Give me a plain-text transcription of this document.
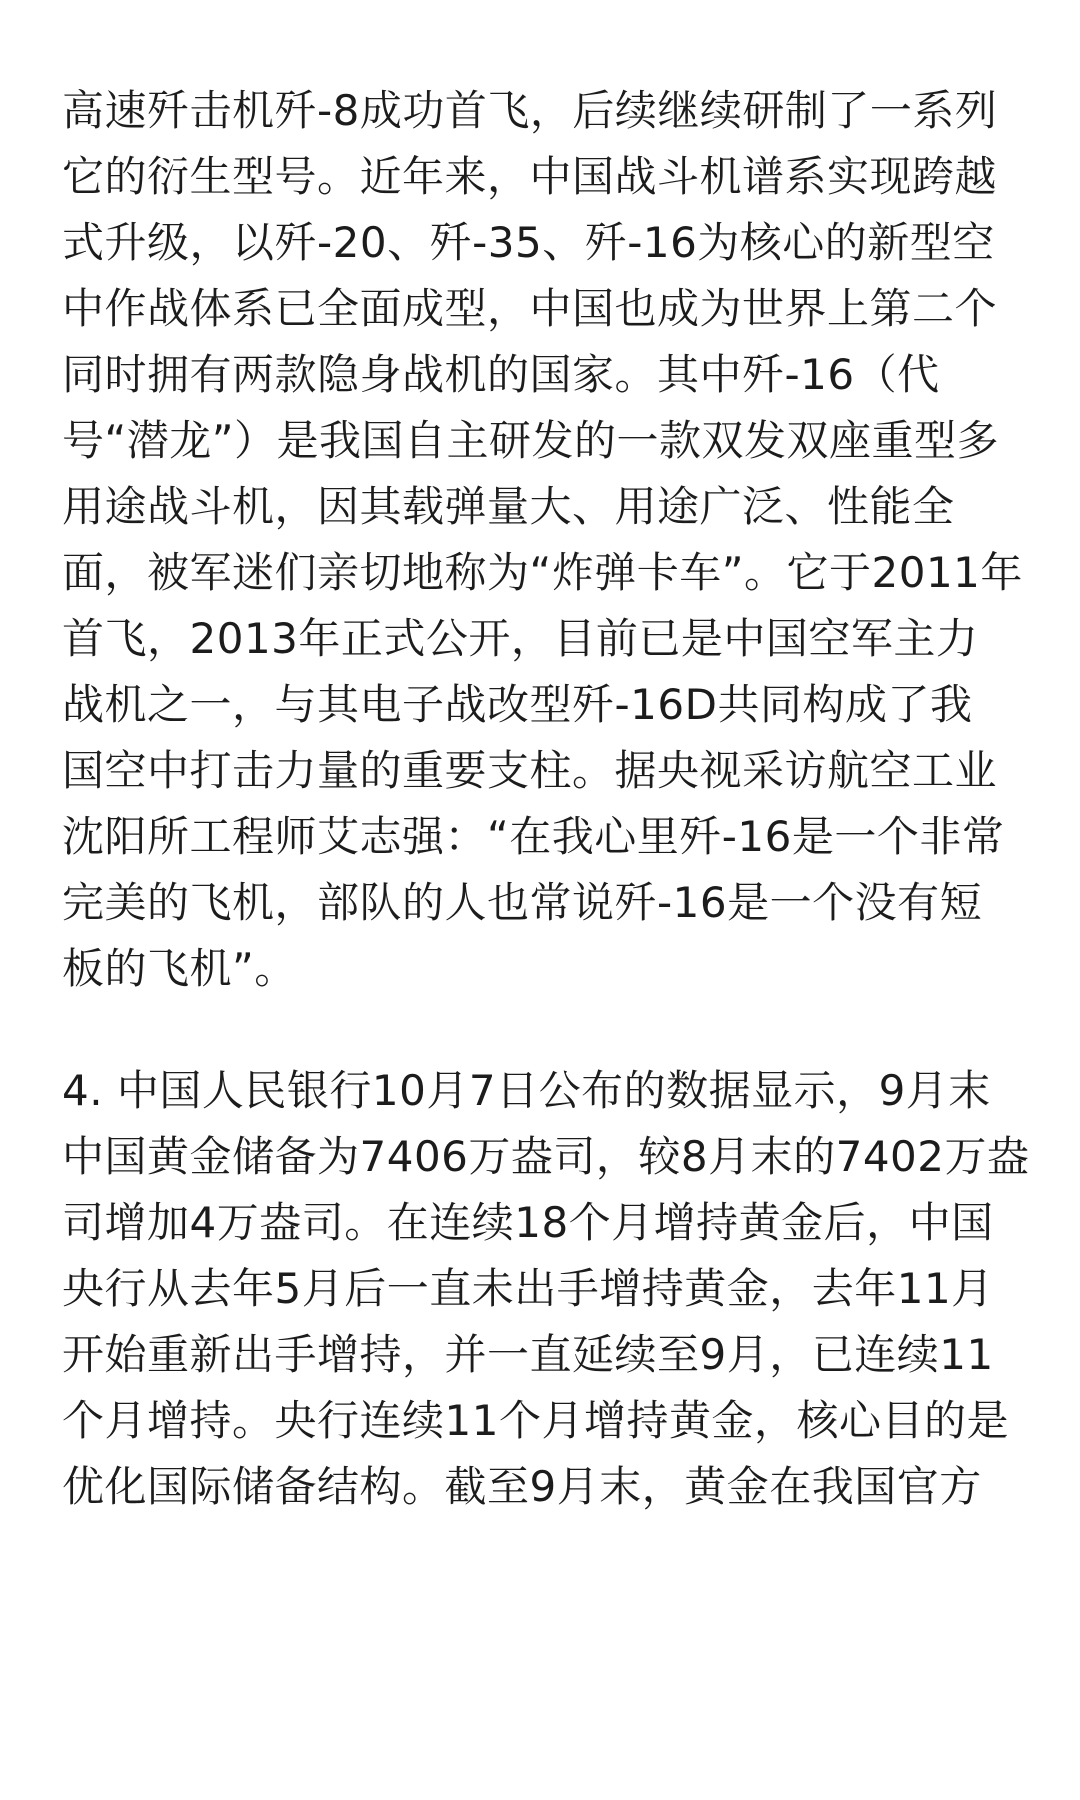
高速歼击机歼-8成功首飞，后续继续研制了一系列
它的衍生型号。近年来，中国战斗机谱系实现跨越
式升级，以歼-20、歼-35、歼-16为核心的新型空
中作战体系已全面成型，中国也成为世界上第二个
同时拥有两款隐身战机的国家。其中歼-16（代
号“潜龙”）是我国自主研发的一款双发双座重型多
用途战斗机，因其载弹量大、用途广泛、性能全
面，被军迷们亲切地称为“炸弹卡车”。它于2011年
首飞，2013年正式公开，目前已是中国空军主力
战机之一，与其电子战改型歼-16D共同构成了我
国空中打击力量的重要支柱。据央视采访航空工业
沈阳所工程师艾志强：“在我心里歼-16是一个非常
完美的飞机，部队的人也常说歼-16是一个没有短
板的飞机”。
4. 中国人民银行10月7日公布的数据显示，9月末
中国黄金储备为7406万盎司，较8月末的7402万盎
司增加4万盎司。在连续18个月增持黄金后，中国
央行从去年5月后一直未出手增持黄金，去年11月
开始重新出手增持，并一直延续至9月，已连续11
个月增持。央行连续11个月增持黄金，核心目的是
优化国际储备结构。截至9月末，黄金在我国官方
